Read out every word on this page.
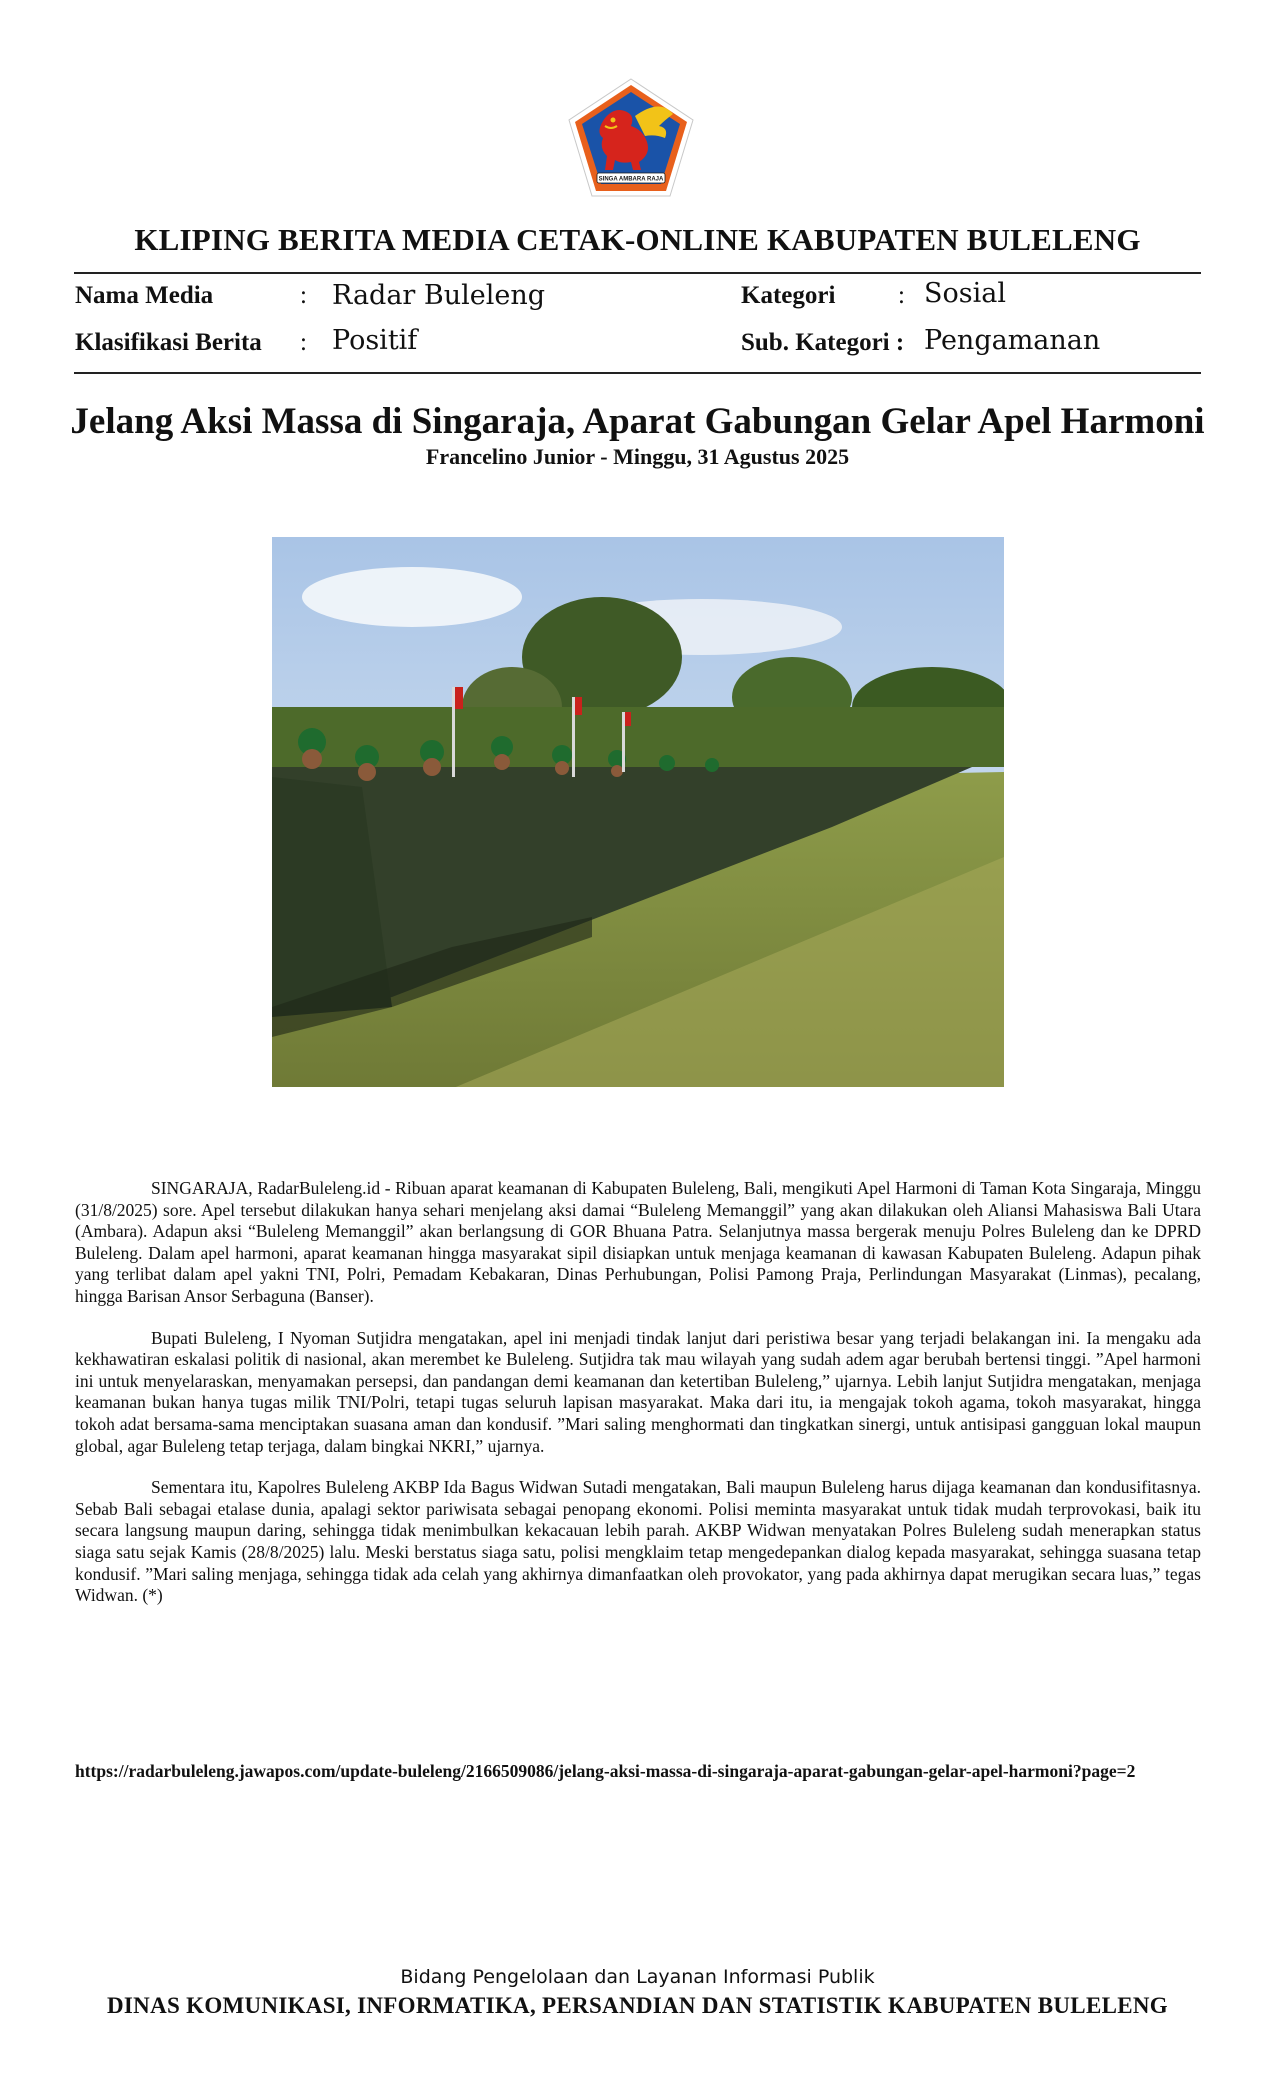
SINGA AMBARA RAJA
KLIPING BERITA MEDIA CETAK-ONLINE KABUPATEN BULELENG
Nama Media	: Radar Buleleng	Kategori	: Sosial
Klasifikasi Berita : Positif	Sub. Kategori : Pengamanan
Jelang Aksi Massa di Singaraja, Aparat Gabungan Gelar Apel Harmoni
Francelino Junior - Minggu, 31 Agustus 2025

SINGARAJA, RadarBuleleng.id - Ribuan aparat keamanan di Kabupaten Buleleng, Bali, mengikuti Apel Harmoni di Taman Kota Singaraja, Minggu (31/8/2025) sore. Apel tersebut dilakukan hanya sehari menjelang aksi damai “Buleleng Memanggil” yang akan dilakukan oleh Aliansi Mahasiswa Bali Utara (Ambara). Adapun aksi “Buleleng Memanggil” akan berlangsung di GOR Bhuana Patra. Selanjutnya massa bergerak menuju Polres Buleleng dan ke DPRD Buleleng. Dalam apel harmoni, aparat keamanan hingga masyarakat sipil disiapkan untuk menjaga keamanan di kawasan Kabupaten Buleleng. Adapun pihak yang terlibat dalam apel yakni TNI, Polri, Pemadam Kebakaran, Dinas Perhubungan, Polisi Pamong Praja, Perlindungan Masyarakat (Linmas), pecalang, hingga Barisan Ansor Serbaguna (Banser).

Bupati Buleleng, I Nyoman Sutjidra mengatakan, apel ini menjadi tindak lanjut dari peristiwa besar yang terjadi belakangan ini. Ia mengaku ada kekhawatiran eskalasi politik di nasional, akan merembet ke Buleleng. Sutjidra tak mau wilayah yang sudah adem agar berubah bertensi tinggi. ”Apel harmoni ini untuk menyelaraskan, menyamakan persepsi, dan pandangan demi keamanan dan ketertiban Buleleng,” ujarnya. Lebih lanjut Sutjidra mengatakan, menjaga keamanan bukan hanya tugas milik TNI/Polri, tetapi tugas seluruh lapisan masyarakat. Maka dari itu, ia mengajak tokoh agama, tokoh masyarakat, hingga tokoh adat bersama-sama menciptakan suasana aman dan kondusif. ”Mari saling menghormati dan tingkatkan sinergi, untuk antisipasi gangguan lokal maupun global, agar Buleleng tetap terjaga, dalam bingkai NKRI,” ujarnya.

Sementara itu, Kapolres Buleleng AKBP Ida Bagus Widwan Sutadi mengatakan, Bali maupun Buleleng harus dijaga keamanan dan kondusifitasnya. Sebab Bali sebagai etalase dunia, apalagi sektor pariwisata sebagai penopang ekonomi. Polisi meminta masyarakat untuk tidak mudah terprovokasi, baik itu secara langsung maupun daring, sehingga tidak menimbulkan kekacauan lebih parah. AKBP Widwan menyatakan Polres Buleleng sudah menerapkan status siaga satu sejak Kamis (28/8/2025) lalu. Meski berstatus siaga satu, polisi mengklaim tetap mengedepankan dialog kepada masyarakat, sehingga suasana tetap kondusif. ”Mari saling menjaga, sehingga tidak ada celah yang akhirnya dimanfaatkan oleh provokator, yang pada akhirnya dapat merugikan secara luas,” tegas Widwan. (*)

https://radarbuleleng.jawapos.com/update-buleleng/2166509086/jelang-aksi-massa-di-singaraja-aparat-gabungan-gelar-apel-harmoni?page=2
Bidang Pengelolaan dan Layanan Informasi Publik
DINAS KOMUNIKASI, INFORMATIKA, PERSANDIAN DAN STATISTIK KABUPATEN BULELENG
